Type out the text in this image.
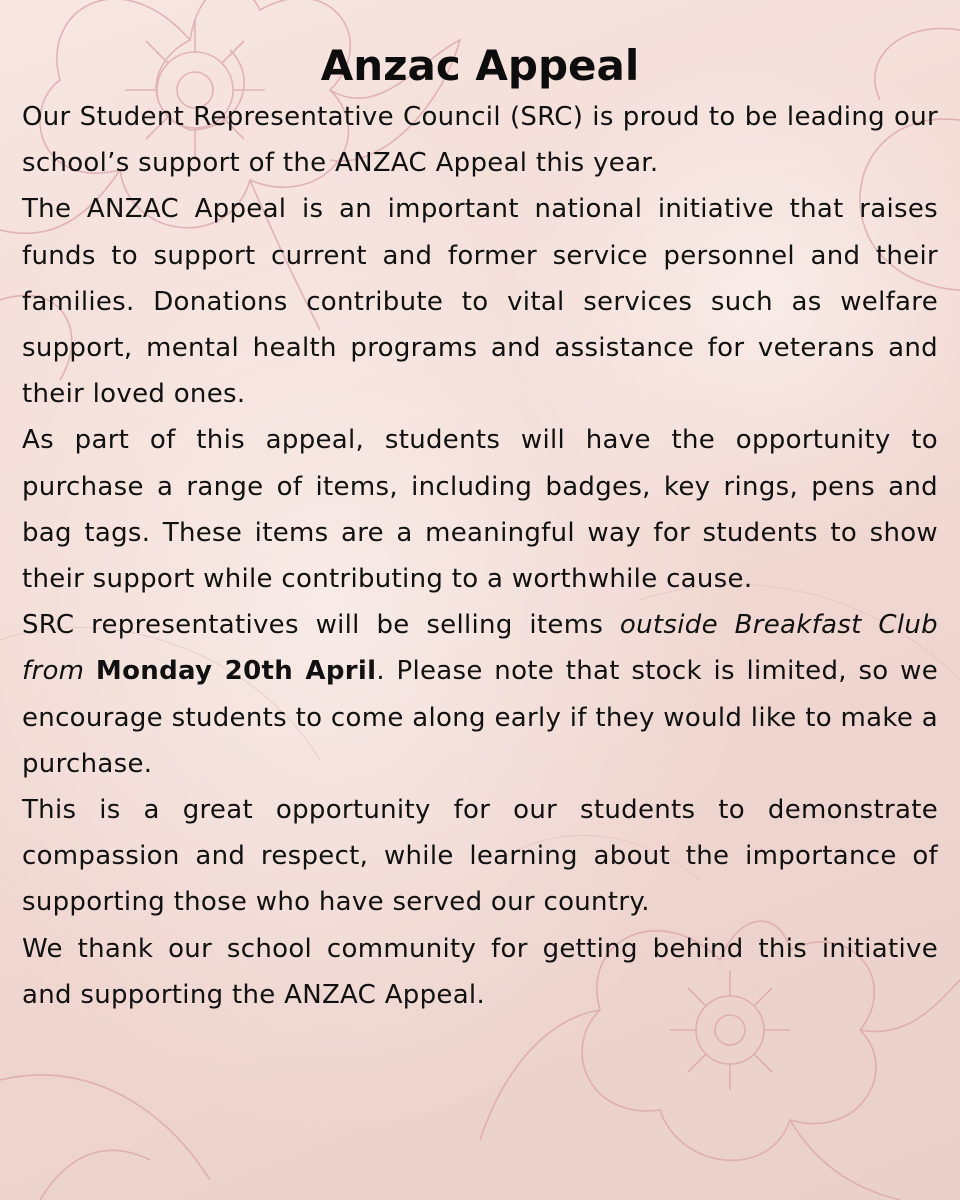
Anzac Appeal

Our Student Representative Council (SRC) is proud to be leading our school’s support of the ANZAC Appeal this year.

The ANZAC Appeal is an important national initiative that raises funds to support current and former service personnel and their families. Donations contribute to vital services such as welfare support, mental health programs and assistance for veterans and their loved ones.

As part of this appeal, students will have the opportunity to purchase a range of items, including badges, key rings, pens and bag tags. These items are a meaningful way for students to show their support while contributing to a worthwhile cause.

SRC representatives will be selling items outside Breakfast Club from Monday 20th April. Please note that stock is limited, so we encourage students to come along early if they would like to make a purchase.

This is a great opportunity for our students to demonstrate compassion and respect, while learning about the importance of supporting those who have served our country.

We thank our school community for getting behind this initiative and supporting the ANZAC Appeal.
